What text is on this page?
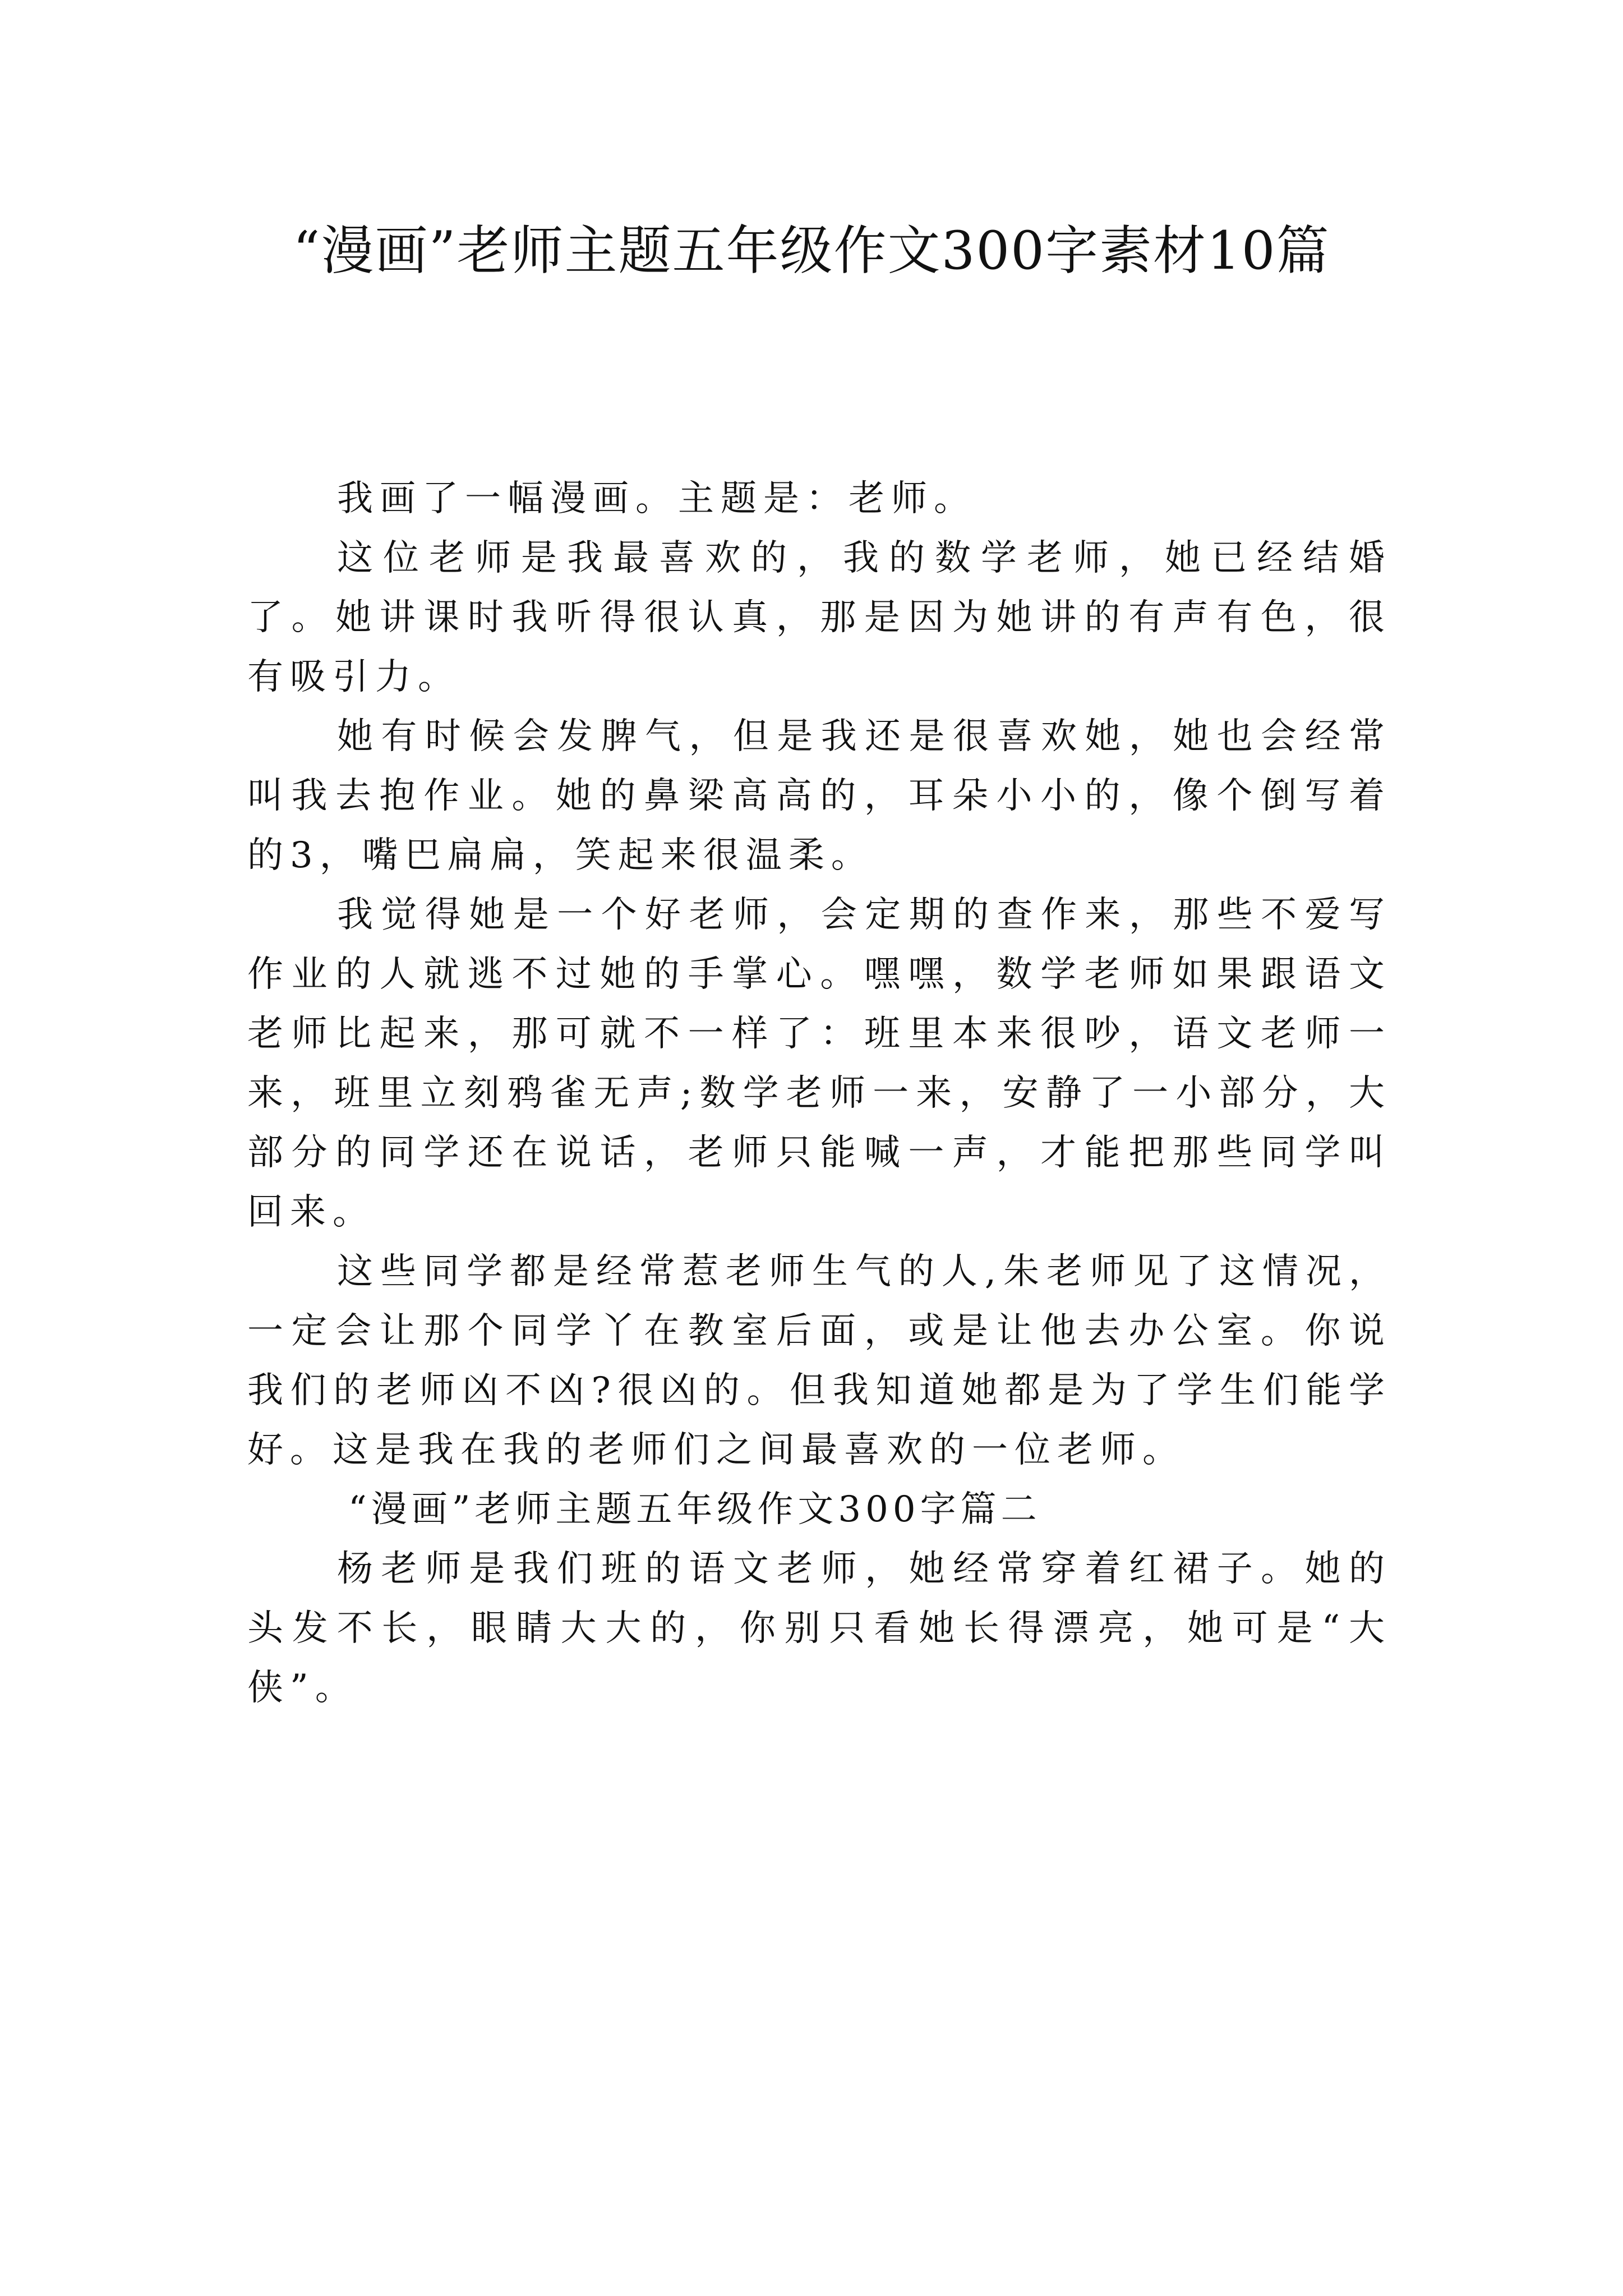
“漫画”老师主题五年级作文300字素材10篇

我画了一幅漫画。主题是：老师。

这位老师是我最喜欢的，我的数学老师，她已经结婚了。她讲课时我听得很认真，那是因为她讲的有声有色，很有吸引力。

她有时候会发脾气，但是我还是很喜欢她，她也会经常叫我去抱作业。她的鼻梁高高的，耳朵小小的，像个倒写着的3，嘴巴扁扁，笑起来很温柔。

我觉得她是一个好老师，会定期的查作来，那些不爱写作业的人就逃不过她的手掌心。嘿嘿，数学老师如果跟语文老师比起来，那可就不一样了：班里本来很吵，语文老师一来，班里立刻鸦雀无声;数学老师一来，安静了一小部分，大部分的同学还在说话，老师只能喊一声，才能把那些同学叫回来。

这些同学都是经常惹老师生气的人,朱老师见了这情况，一定会让那个同学丫在教室后面，或是让他去办公室。你说我们的老师凶不凶?很凶的。但我知道她都是为了学生们能学好。这是我在我的老师们之间最喜欢的一位老师。

“漫画”老师主题五年级作文300字篇二

杨老师是我们班的语文老师，她经常穿着红裙子。她的头发不长，眼睛大大的，你别只看她长得漂亮，她可是“大侠”。
